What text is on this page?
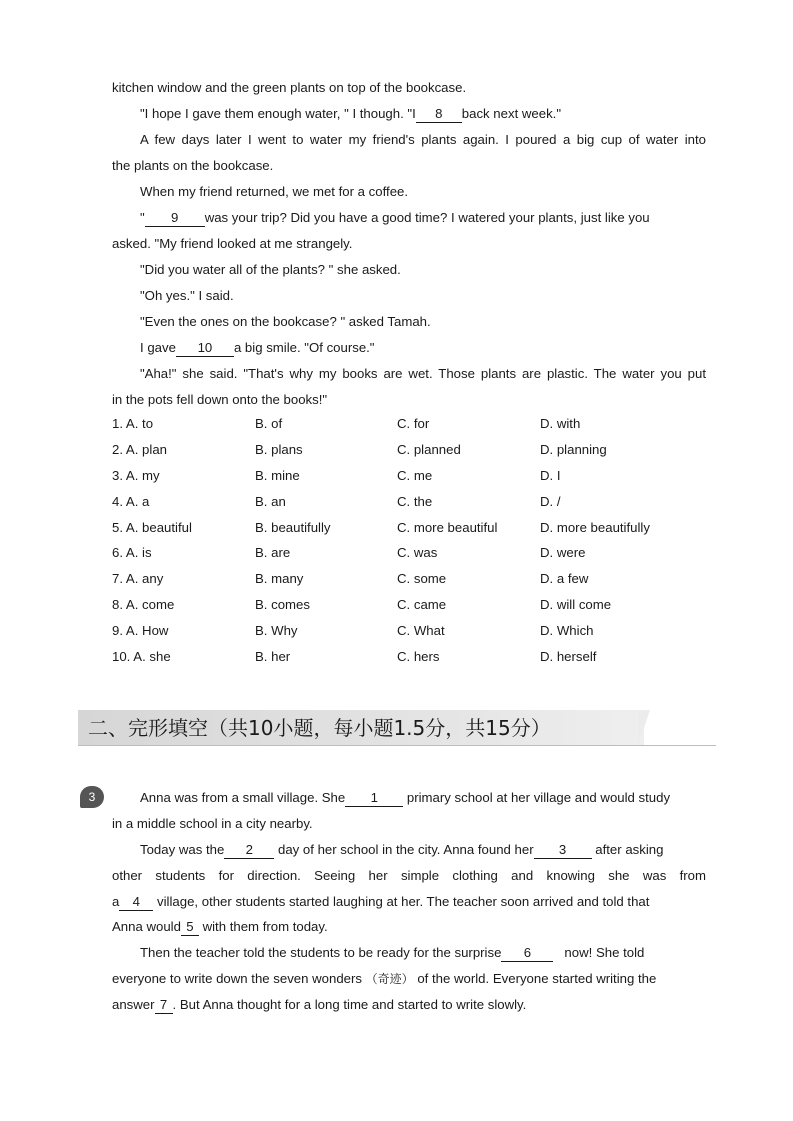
kitchen window and the green plants on top of the bookcase.
"I hope I gave them enough water, " I though. "I 8 back next week."
A few days later I went to water my friend's plants again. I poured a big cup of water into
the plants on the bookcase.
When my friend returned, we met for a coffee.
" 9 was your trip? Did you have a good time? I watered your plants, just like you
asked. "My friend looked at me strangely.
"Did you water all of the plants? " she asked.
"Oh yes." I said.
"Even the ones on the bookcase? " asked Tamah.
I gave 10 a big smile. "Of course."
"Aha!" she said. "That's why my books are wet. Those plants are plastic. The water you put
in the pots fell down onto the books!"
1. A. to	B. of	C. for	D. with
2. A. plan	B. plans	C. planned	D. planning
3. A. my	B. mine	C. me	D. I
4. A. a	B. an	C. the	D. /
5. A. beautiful	B. beautifully	C. more beautiful	D. more beautifully
6. A. is	B. are	C. was	D. were
7. A. any	B. many	C. some	D. a few
8. A. come	B. comes	C. came	D. will come
9. A. How	B. Why	C. What	D. Which
10. A. she	B. her	C. hers	D. herself
二、完形填空（共10小题，每小题1.5分，共15分）
3	Anna was from a small village. She 1 primary school at her village and would study
in a middle school in a city nearby.
Today was the 2 day of her school in the city. Anna found her 3 after asking
other students for direction. Seeing her simple clothing and knowing she was from
a 4 village, other students started laughing at her. The teacher soon arrived and told that
Anna would 5 with them from today.
Then the teacher told the students to be ready for the surprise 6	now! She told
everyone to write down the seven wonders （奇迹） of the world. Everyone started writing the
answer 7 . But Anna thought for a long time and started to write slowly.
